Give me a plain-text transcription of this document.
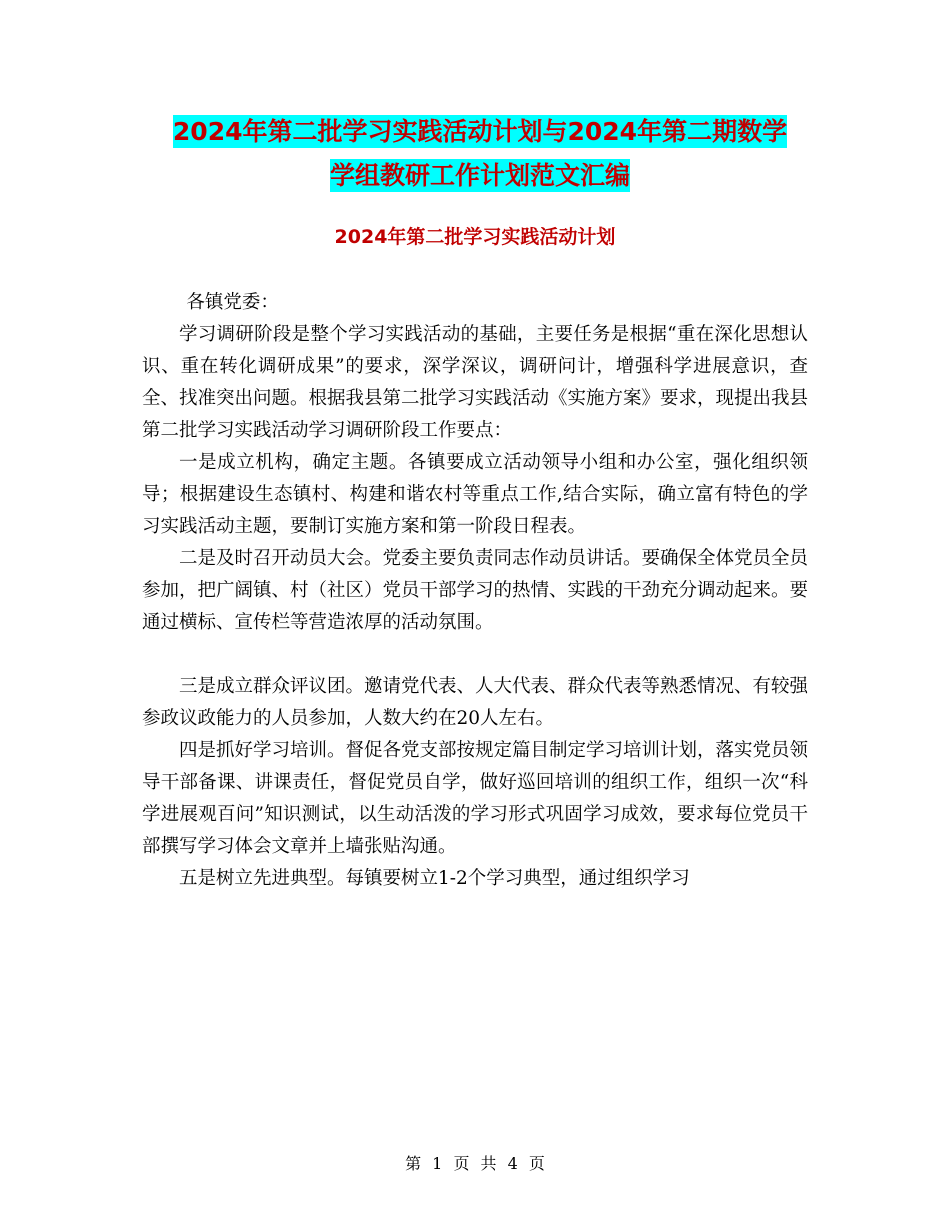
2024年第二批学习实践活动计划与2024年第二期数学
学组教研工作计划范文汇编
2024年第二批学习实践活动计划

各镇党委：

学习调研阶段是整个学习实践活动的基础，主要任务是根据“重在深化思想认识、重在转化调研成果”的要求，深学深议，调研问计，增强科学进展意识，查全、找准突出问题。根据我县第二批学习实践活动《实施方案》要求，现提出我县第二批学习实践活动学习调研阶段工作要点：

一是成立机构，确定主题。各镇要成立活动领导小组和办公室，强化组织领导；根据建设生态镇村、构建和谐农村等重点工作,结合实际，确立富有特色的学习实践活动主题，要制订实施方案和第一阶段日程表。

二是及时召开动员大会。党委主要负责同志作动员讲话。要确保全体党员全员参加，把广阔镇、村（社区）党员干部学习的热情、实践的干劲充分调动起来。要通过横标、宣传栏等营造浓厚的活动氛围。

三是成立群众评议团。邀请党代表、人大代表、群众代表等熟悉情况、有较强参政议政能力的人员参加，人数大约在20人左右。

四是抓好学习培训。督促各党支部按规定篇目制定学习培训计划，落实党员领导干部备课、讲课责任，督促党员自学，做好巡回培训的组织工作，组织一次“科学进展观百问”知识测试，以生动活泼的学习形式巩固学习成效，要求每位党员干部撰写学习体会文章并上墙张贴沟通。

五是树立先进典型。每镇要树立1-2个学习典型，通过组织学习

第 1 页 共 4 页
